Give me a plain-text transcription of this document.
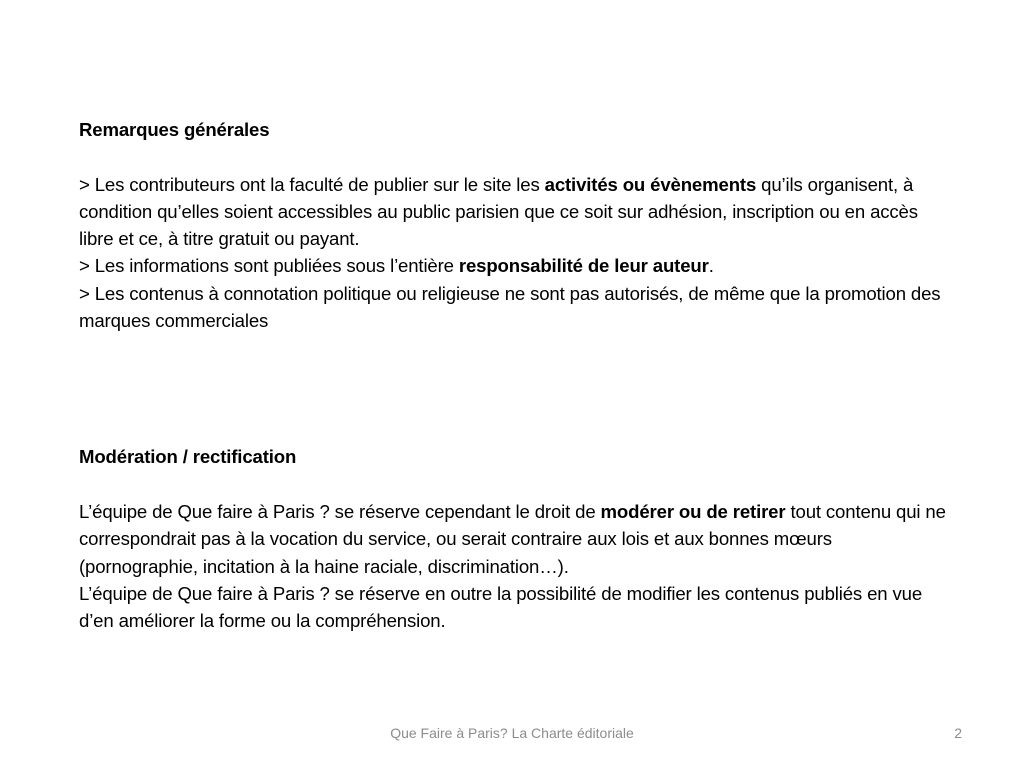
Remarques générales

> Les contributeurs ont la faculté de publier sur le site les activités ou évènements qu’ils organisent, à condition qu’elles soient accessibles au public parisien que ce soit sur adhésion, inscription ou en accès libre et ce, à titre gratuit ou payant.

> Les informations sont publiées sous l’entière responsabilité de leur auteur.

> Les contenus à connotation politique ou religieuse ne sont pas autorisés, de même que la promotion des marques commerciales

Modération / rectification

L’équipe de Que faire à Paris ? se réserve cependant le droit de modérer ou de retirer tout contenu qui ne correspondrait pas à la vocation du service, ou serait contraire aux lois et aux bonnes mœurs (pornographie, incitation à la haine raciale, discrimination…).

L’équipe de Que faire à Paris ? se réserve en outre la possibilité de modifier les contenus publiés en vue d’en améliorer la forme ou la compréhension.

Que Faire à Paris? La Charte éditoriale	2
